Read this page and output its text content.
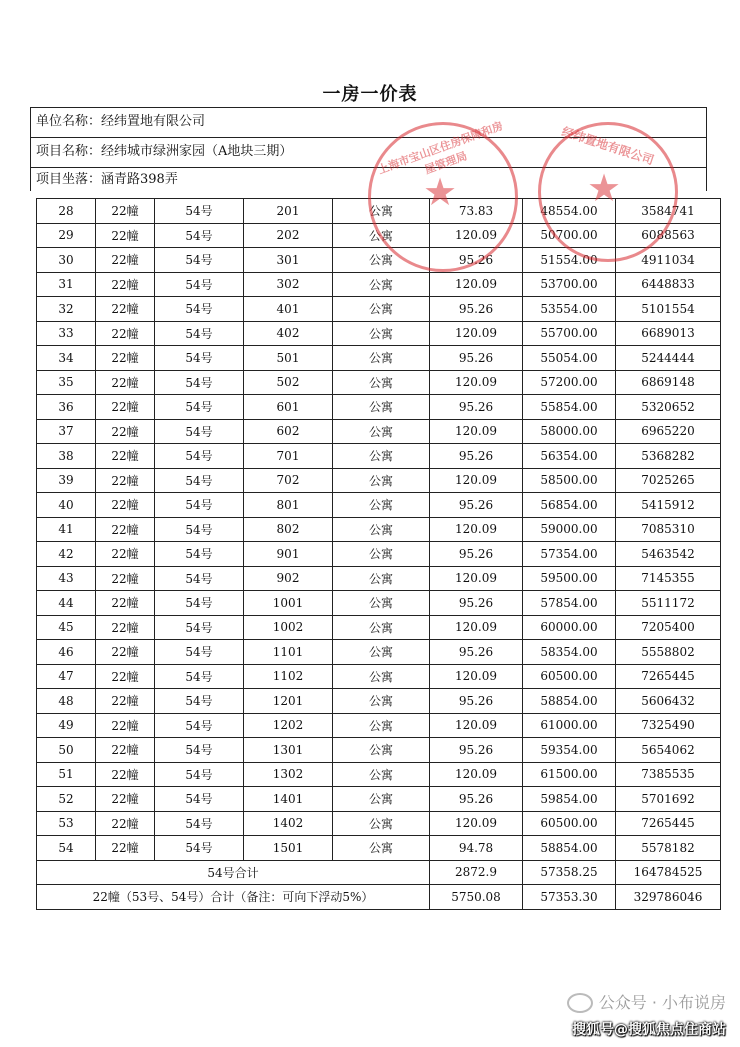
一房一价表
单位名称：经纬置地有限公司
项目名称：经纬城市绿洲家园（A地块三期）
项目坐落：涵青路398弄
28	22幢	54号	201	公寓	73.83	48554.00	3584741
29	22幢	54号	202	公寓	120.09	50700.00	6088563
30	22幢	54号	301	公寓	95.26	51554.00	4911034
31	22幢	54号	302	公寓	120.09	53700.00	6448833
32	22幢	54号	401	公寓	95.26	53554.00	5101554
33	22幢	54号	402	公寓	120.09	55700.00	6689013
34	22幢	54号	501	公寓	95.26	55054.00	5244444
35	22幢	54号	502	公寓	120.09	57200.00	6869148
36	22幢	54号	601	公寓	95.26	55854.00	5320652
37	22幢	54号	602	公寓	120.09	58000.00	6965220
38	22幢	54号	701	公寓	95.26	56354.00	5368282
39	22幢	54号	702	公寓	120.09	58500.00	7025265
40	22幢	54号	801	公寓	95.26	56854.00	5415912
41	22幢	54号	802	公寓	120.09	59000.00	7085310
42	22幢	54号	901	公寓	95.26	57354.00	5463542
43	22幢	54号	902	公寓	120.09	59500.00	7145355
44	22幢	54号	1001	公寓	95.26	57854.00	5511172
45	22幢	54号	1002	公寓	120.09	60000.00	7205400
46	22幢	54号	1101	公寓	95.26	58354.00	5558802
47	22幢	54号	1102	公寓	120.09	60500.00	7265445
48	22幢	54号	1201	公寓	95.26	58854.00	5606432
49	22幢	54号	1202	公寓	120.09	61000.00	7325490
50	22幢	54号	1301	公寓	95.26	59354.00	5654062
51	22幢	54号	1302	公寓	120.09	61500.00	7385535
52	22幢	54号	1401	公寓	95.26	59854.00	5701692
53	22幢	54号	1402	公寓	120.09	60500.00	7265445
54	22幢	54号	1501	公寓	94.78	58854.00	5578182
54号合计					2872.9	57358.25	164784525
22幢（53号、54号）合计（备注：可向下浮动5%）					5750.08	57353.30	329786046
★
上海市宝山区住房保障和房屋管理局
★
经纬置地有限公司
公众号 · 小布说房
搜狐号@搜狐焦点住商站
